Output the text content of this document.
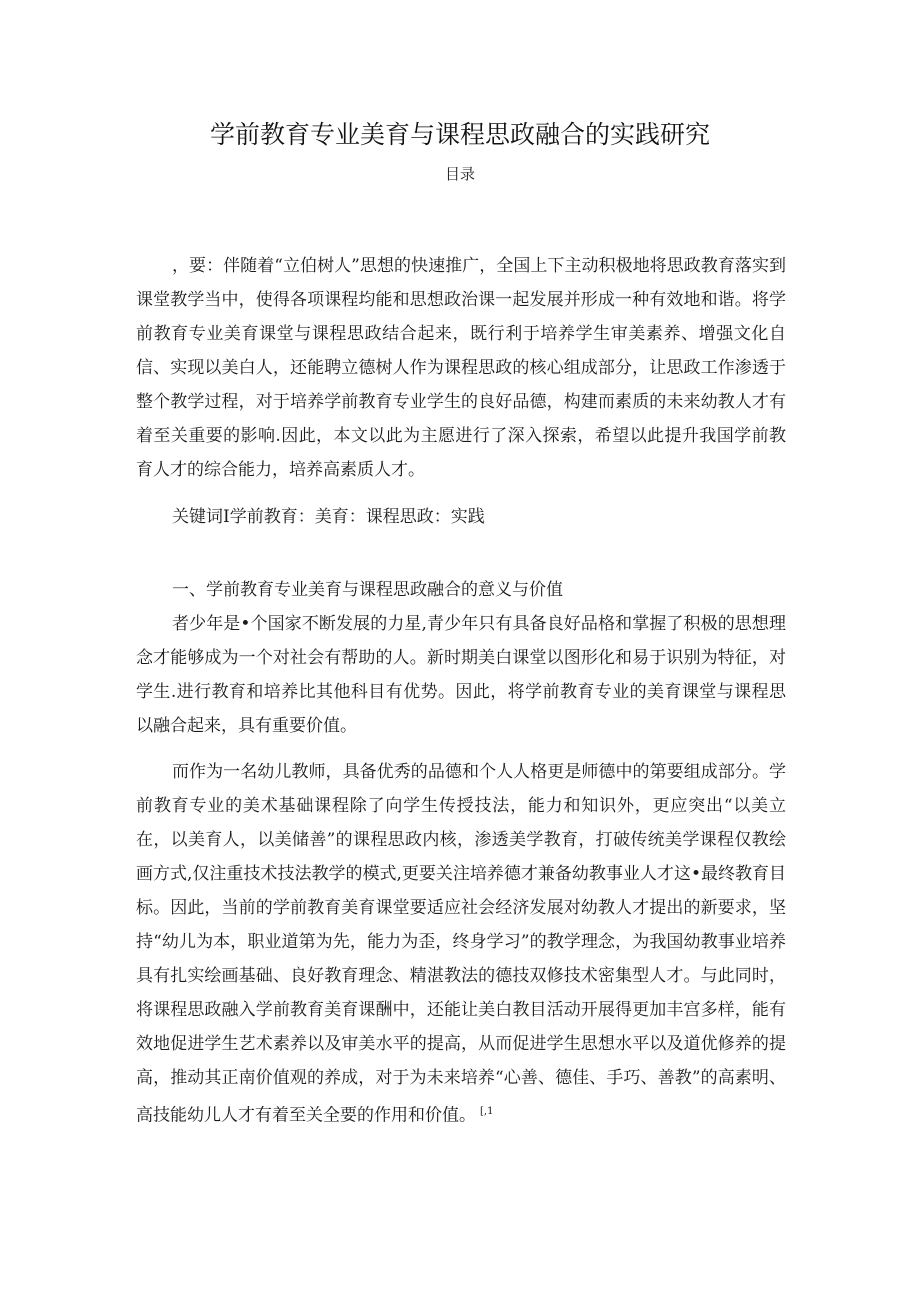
学前教育专业美育与课程思政融合的实践研究
目录

，要：伴随着“立伯树人”思想的快速推广，全国上下主动积极地将思政教育落实到课堂教学当中，使得各项课程均能和思想政治课一起发展并形成一种有效地和谐。将学前教育专业美育课堂与课程思政结合起来，既行利于培养学生审美素养、增强文化自信、实现以美白人，还能聘立德树人作为课程思政的核心组成部分，让思政工作渗透于整个教学过程，对于培养学前教育专业学生的良好品德，构建而素质的未来幼教人才有着至关重要的影响.因此，本文以此为主愿进行了深入探索，希望以此提升我国学前教育人才的综合能力，培养高素质人才。

关键词I学前教育：美育：课程思政：实践

一、学前教育专业美育与课程思政融合的意义与价值

者少年是•个国家不断发展的力星,青少年只有具备良好品格和掌握了积极的思想理念才能够成为一个对社会有帮助的人。新时期美白课堂以图形化和易于识别为特征，对学生.进行教育和培养比其他科目有优势。因此，将学前教育专业的美育课堂与课程思以融合起来，具有重要价值。

而作为一名幼儿教师，具备优秀的品德和个人人格更是师德中的第要组成部分。学前教育专业的美术基础课程除了向学生传授技法，能力和知识外，更应突出“以美立在，以美育人，以美储善”的课程思政内核，渗透美学教育，打破传统美学课程仅教绘画方式,仅注重技术技法教学的模式,更要关注培养德才兼备幼教事业人才这•最终教育目标。因此，当前的学前教育美育课堂要适应社会经济发展对幼教人才提出的新要求，坚持“幼儿为本，职业道第为先，能力为歪，终身学习”的教学理念，为我国幼教事业培养具有扎实绘画基础、良好教育理念、精湛教法的德技双修技术密集型人才。与此同时，将课程思政融入学前教育美育课酬中，还能让美白教目活动开展得更加丰宫多样，能有效地促进学生艺术素养以及审美水平的提高，从而促进学生思想水平以及道优修养的提高，推动其正南价值观的养成，对于为未来培养“心善、德佳、手巧、善教”的高素明、高技能幼儿人才有着至关全要的作用和价值。 $^{[,1}$
